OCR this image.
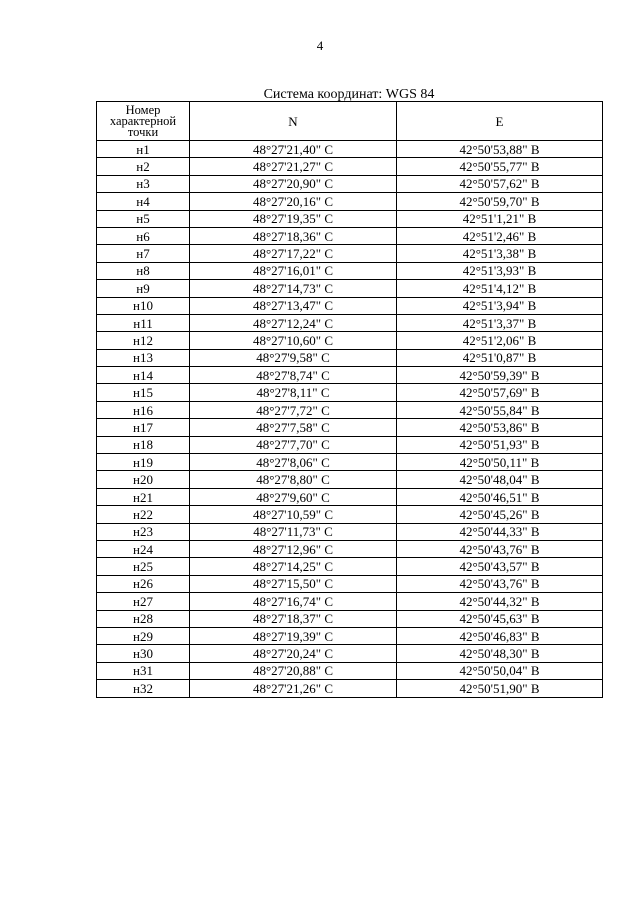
4
Система координат: WGS 84
Номер характерной точки	N	E
н1	48°27'21,40" С	42°50'53,88" В
н2	48°27'21,27" С	42°50'55,77" В
н3	48°27'20,90" С	42°50'57,62" В
н4	48°27'20,16" С	42°50'59,70" В
н5	48°27'19,35" С	42°51'1,21" В
н6	48°27'18,36" С	42°51'2,46" В
н7	48°27'17,22" С	42°51'3,38" В
н8	48°27'16,01" С	42°51'3,93" В
н9	48°27'14,73" С	42°51'4,12" В
н10	48°27'13,47" С	42°51'3,94" В
н11	48°27'12,24" С	42°51'3,37" В
н12	48°27'10,60" С	42°51'2,06" В
н13	48°27'9,58" С	42°51'0,87" В
н14	48°27'8,74" С	42°50'59,39" В
н15	48°27'8,11" С	42°50'57,69" В
н16	48°27'7,72" С	42°50'55,84" В
н17	48°27'7,58" С	42°50'53,86" В
н18	48°27'7,70" С	42°50'51,93" В
н19	48°27'8,06" С	42°50'50,11" В
н20	48°27'8,80" С	42°50'48,04" В
н21	48°27'9,60" С	42°50'46,51" В
н22	48°27'10,59" С	42°50'45,26" В
н23	48°27'11,73" С	42°50'44,33" В
н24	48°27'12,96" С	42°50'43,76" В
н25	48°27'14,25" С	42°50'43,57" В
н26	48°27'15,50" С	42°50'43,76" В
н27	48°27'16,74" С	42°50'44,32" В
н28	48°27'18,37" С	42°50'45,63" В
н29	48°27'19,39" С	42°50'46,83" В
н30	48°27'20,24" С	42°50'48,30" В
н31	48°27'20,88" С	42°50'50,04" В
н32	48°27'21,26" С	42°50'51,90" В
